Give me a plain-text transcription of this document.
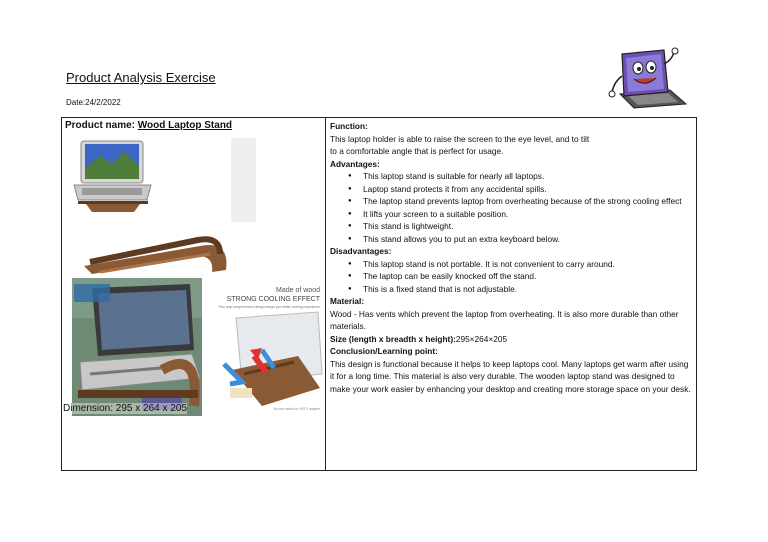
Product Analysis Exercise
Date:24/2/2022
Product name: Wood Laptop Stand
Made of wood
STRONG COOLING EFFECT
Five strip-shaped holes design brings you better cooling experience
No one-needs for *NOT* adapter
Dimension: 295 x 264 x 205
Function:

This laptop holder is able to raise the screen to the eye level, and to tilt

to a comfortable angle that is perfect for usage.

Advantages:
● This laptop stand is suitable for nearly all laptops.
● Laptop stand protects it from any accidental spills.
● The laptop stand prevents laptop from overheating because of the strong cooling effect
● It lifts your screen to a suitable position.
● This stand is lightweight.
● This stand allows you to put an extra keyboard below.
Disadvantages:
● This laptop stand is not portable. It is not convenient to carry around.
● The laptop can be easily knocked off the stand.
● This is a fixed stand that is not adjustable.
Material:

Wood - Has vents which prevent the laptop from overheating. It is also more durable than other materials.

Size (length x breadth x height):295×264×205

Conclusion/Learning point:

This design is functional because it helps to keep laptops cool. Many laptops get warm after using it for a long time. This material is also very durable. The wooden laptop stand was designed to make your work easier by enhancing your desktop and creating more storage space on your desk.
